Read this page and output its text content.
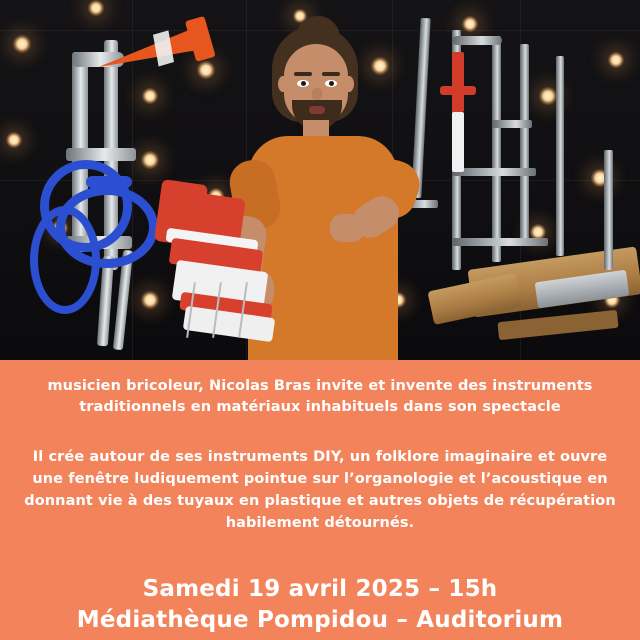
musicien bricoleur, Nicolas Bras invite et invente des instruments traditionnels en matériaux inhabituels dans son spectacle

Il crée autour de ses instruments DIY, un folklore imaginaire et ouvre une fenêtre ludiquement pointue sur l’organologie et l’acoustique en donnant vie à des tuyaux en plastique et autres objets de récupération habilement détournés.

Samedi 19 avril 2025 – 15h
Médiathèque Pompidou – Auditorium
